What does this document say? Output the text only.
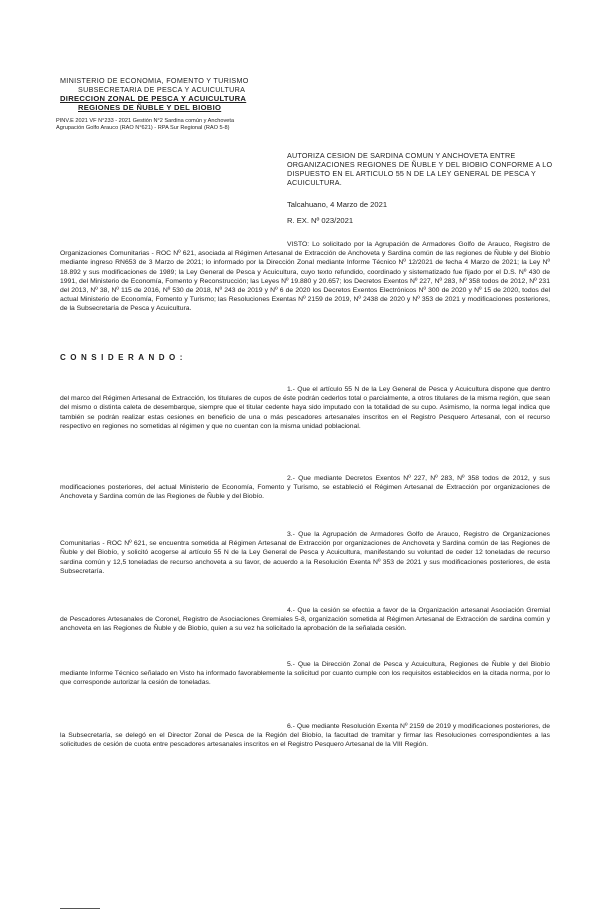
MINISTERIO DE ECONOMIA, FOMENTO Y TURISMO
SUBSECRETARIA DE PESCA Y ACUICULTURA
DIRECCION ZONAL DE PESCA Y ACUICULTURA
REGIONES DE ÑUBLE Y DEL BIOBIO
PINV.E 2021 VF N°233 - 2021 Gestión N°2 Sardina común y Anchoveta
Agrupación Golfo Arauco (RAO N°621) - RPA Sur Regional (RAO 5-8)
AUTORIZA CESION DE SARDINA COMUN Y ANCHOVETA ENTRE ORGANIZACIONES REGIONES DE ÑUBLE Y DEL BIOBIO CONFORME A LO DISPUESTO EN EL ARTICULO 55 N DE LA LEY GENERAL DE PESCA Y ACUICULTURA.
Talcahuano, 4 Marzo de 2021
R. EX. Nº 023/2021

VISTO: Lo solicitado por la Agrupación de Armadores Golfo de Arauco, Registro de Organizaciones Comunitarias - ROC Nº 621, asociada al Régimen Artesanal de Extracción de Anchoveta y Sardina común de las regiones de Ñuble y del Biobío mediante ingreso RN653 de 3 Marzo de 2021; lo informado por la Dirección Zonal mediante Informe Técnico Nº 12/2021 de fecha 4 Marzo de 2021; la Ley Nº 18.892 y sus modificaciones de 1989; la Ley General de Pesca y Acuicultura, cuyo texto refundido, coordinado y sistematizado fue fijado por el D.S. Nº 430 de 1991, del Ministerio de Economía, Fomento y Reconstrucción; las Leyes Nº 19.880 y 20.657; los Decretos Exentos Nº 227, Nº 283, Nº 358 todos de 2012, Nº 231 del 2013, Nº 38, Nº 115 de 2016, Nº 530 de 2018, Nº 243 de 2019 y Nº 6 de 2020 los Decretos Exentos Electrónicos Nº 300 de 2020 y Nº 15 de 2020, todos del actual Ministerio de Economía, Fomento y Turismo; las Resoluciones Exentas Nº 2159 de 2019, Nº 2438 de 2020 y Nº 353 de 2021 y modificaciones posteriores, de la Subsecretaría de Pesca y Acuicultura.

CONSIDERANDO:

1.- Que el artículo 55 N de la Ley General de Pesca y Acuicultura dispone que dentro del marco del Régimen Artesanal de Extracción, los titulares de cupos de éste podrán cederlos total o parcialmente, a otros titulares de la misma región, que sean del mismo o distinta caleta de desembarque, siempre que el titular cedente haya sido imputado con la totalidad de su cupo. Asimismo, la norma legal indica que también se podrán realizar estas cesiones en beneficio de una o más pescadores artesanales inscritos en el Registro Pesquero Artesanal, con el recurso respectivo en regiones no sometidas al régimen y que no cuentan con la misma unidad poblacional.

2.- Que mediante Decretos Exentos Nº 227, Nº 283, Nº 358 todos de 2012, y sus modificaciones posteriores, del actual Ministerio de Economía, Fomento y Turismo, se estableció el Régimen Artesanal de Extracción por organizaciones de Anchoveta y Sardina común de las Regiones de Ñuble y del Biobío.

3.- Que la Agrupación de Armadores Golfo de Arauco, Registro de Organizaciones Comunitarias - ROC Nº 621, se encuentra sometida al Régimen Artesanal de Extracción por organizaciones de Anchoveta y Sardina común de las Regiones de Ñuble y del Biobío, y solicitó acogerse al artículo 55 N de la Ley General de Pesca y Acuicultura, manifestando su voluntad de ceder 12 toneladas de recurso sardina común y 12,5 toneladas de recurso anchoveta a su favor, de acuerdo a la Resolución Exenta Nº 353 de 2021 y sus modificaciones posteriores, de esta Subsecretaría.

4.- Que la cesión se efectúa a favor de la Organización artesanal Asociación Gremial de Pescadores Artesanales de Coronel, Registro de Asociaciones Gremiales 5-8, organización sometida al Régimen Artesanal de Extracción de sardina común y anchoveta en las Regiones de Ñuble y de Biobío, quien a su vez ha solicitado la aprobación de la señalada cesión.

5.- Que la Dirección Zonal de Pesca y Acuicultura, Regiones de Ñuble y del Biobío mediante Informe Técnico señalado en Visto ha informado favorablemente la solicitud por cuanto cumple con los requisitos establecidos en la citada norma, por lo que corresponde autorizar la cesión de toneladas.

6.- Que mediante Resolución Exenta Nº 2159 de 2019 y modificaciones posteriores, de la Subsecretaría, se delegó en el Director Zonal de Pesca de la Región del Biobío, la facultad de tramitar y firmar las Resoluciones correspondientes a las solicitudes de cesión de cuota entre pescadores artesanales inscritos en el Registro Pesquero Artesanal de la VIII Región.
